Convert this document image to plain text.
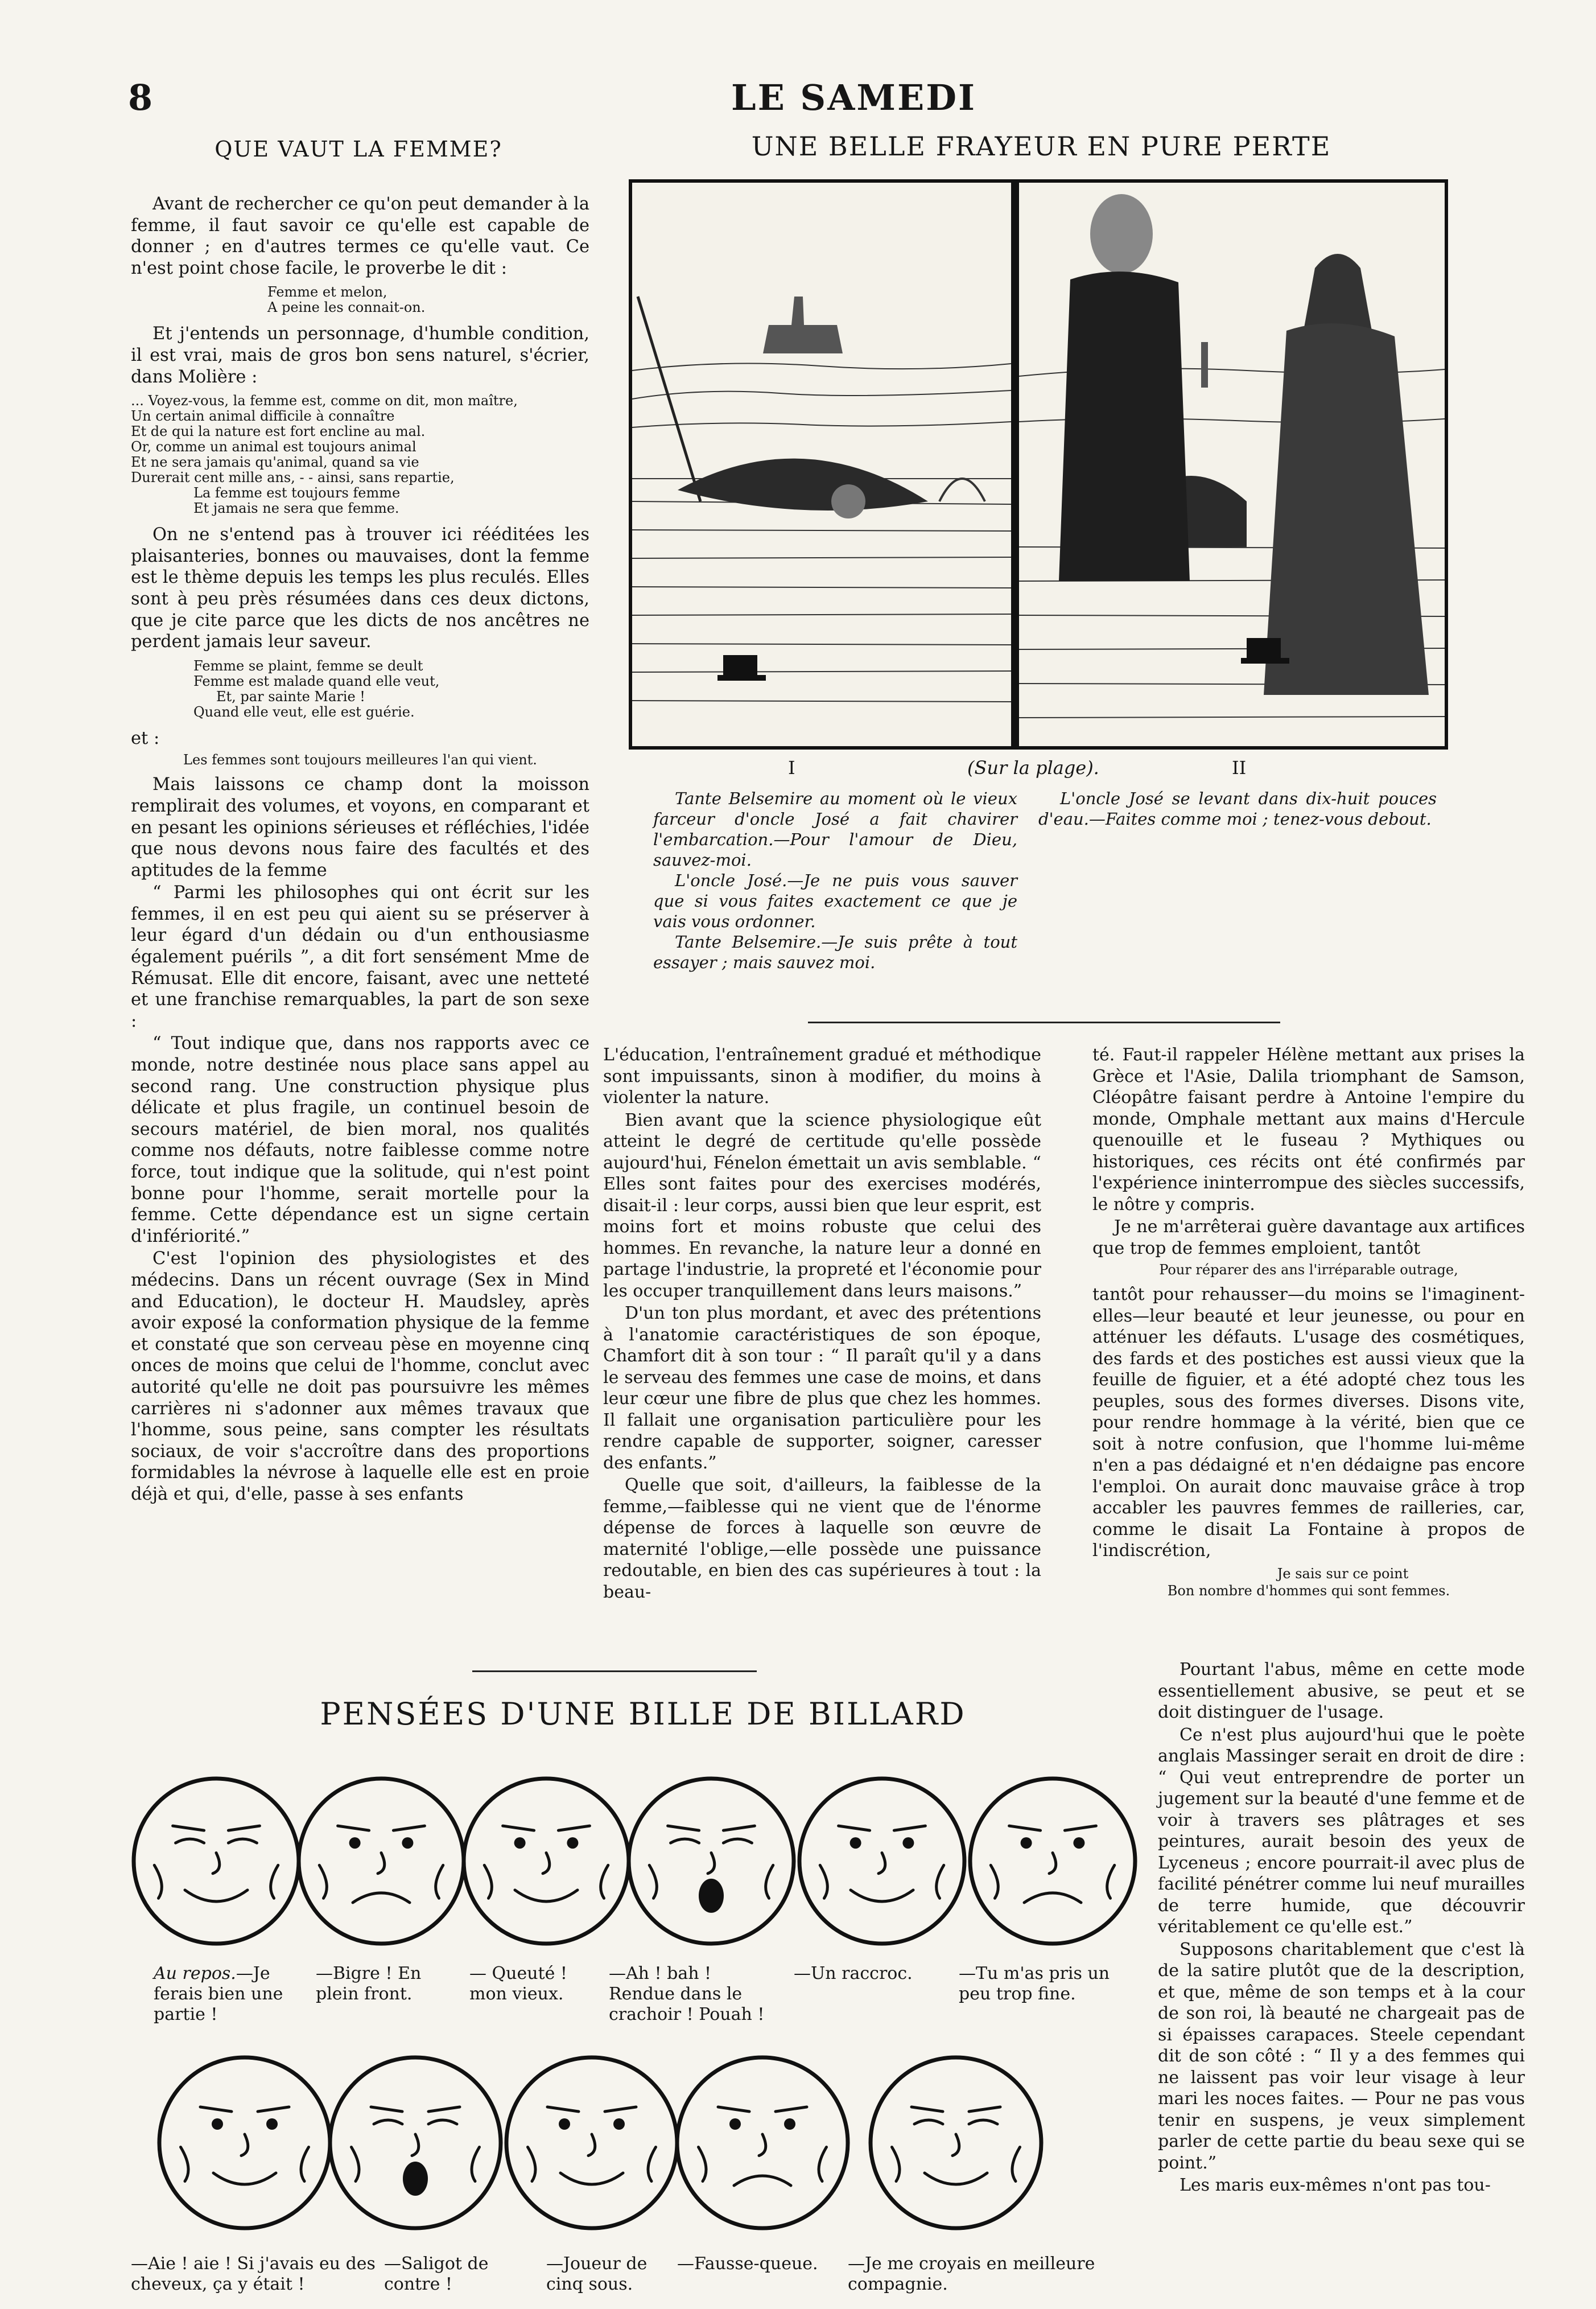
8	LE SAMEDI
QUE VAUT LA FEMME?

Avant de rechercher ce qu'on peut demander à la femme, il faut savoir ce qu'elle est capable de donner ; en d'autres termes ce qu'elle vaut. Ce n'est point chose facile, le proverbe le dit :

Femme et melon,
A peine les connait-on.

Et j'entends un personnage, d'humble condition, il est vrai, mais de gros bon sens naturel, s'écrier, dans Molière :

... Voyez-vous, la femme est, comme on dit, mon maître,
Un certain animal difficile à connaître
Et de qui la nature est fort encline au mal.
Or, comme un animal est toujours animal
Et ne sera jamais qu'animal, quand sa vie
Durerait cent mille ans, - - ainsi, sans repartie,
La femme est toujours femme
Et jamais ne sera que femme.

On ne s'entend pas à trouver ici rééditées les plaisanteries, bonnes ou mauvaises, dont la femme est le thème depuis les temps les plus reculés. Elles sont à peu près résumées dans ces deux dictons, que je cite parce que les dicts de nos ancêtres ne perdent jamais leur saveur.

Femme se plaint, femme se deult
Femme est malade quand elle veut,
Et, par sainte Marie !
Quand elle veut, elle est guérie.

et :

Les femmes sont toujours meilleures l'an qui vient.

Mais laissons ce champ dont la moisson remplirait des volumes, et voyons, en comparant et en pesant les opinions sérieuses et réfléchies, l'idée que nous devons nous faire des facultés et des aptitudes de la femme

“ Parmi les philosophes qui ont écrit sur les femmes, il en est peu qui aient su se préserver à leur égard d'un dédain ou d'un enthousiasme également puérils ”, a dit fort sensément Mme de Rémusat. Elle dit encore, faisant, avec une netteté et une franchise remarquables, la part de son sexe :

“ Tout indique que, dans nos rapports avec ce monde, notre destinée nous place sans appel au second rang. Une construction physique plus délicate et plus fragile, un continuel besoin de secours matériel, de bien moral, nos qualités comme nos défauts, notre faiblesse comme notre force, tout indique que la solitude, qui n'est point bonne pour l'homme, serait mortelle pour la femme. Cette dépendance est un signe certain d'infériorité.”

C'est l'opinion des physiologistes et des médecins. Dans un récent ouvrage (Sex in Mind and Education), le docteur H. Maudsley, après avoir exposé la conformation physique de la femme et constaté que son cerveau pèse en moyenne cinq onces de moins que celui de l'homme, conclut avec autorité qu'elle ne doit pas poursuivre les mêmes carrières ni s'adonner aux mêmes travaux que l'homme, sous peine, sans compter les résultats sociaux, de voir s'accroître dans des proportions formidables la névrose à laquelle elle est en proie déjà et qui, d'elle, passe à ses enfants

UNE BELLE FRAYEUR EN PURE PERTE
I	(Sur la plage).	II

Tante Belsemire au moment où le vieux farceur d'oncle José a fait chavirer l'embarcation.—Pour l'amour de Dieu, sauvez-moi.

L'oncle José.—Je ne puis vous sauver que si vous faites exactement ce que je vais vous ordonner.

Tante Belsemire.—Je suis prête à tout essayer ; mais sauvez moi.

L'oncle José se levant dans dix-huit pouces d'eau.—Faites comme moi ; tenez-vous debout.

L'éducation, l'entraînement gradué et méthodique sont impuissants, sinon à modifier, du moins à violenter la nature.

Bien avant que la science physiologique eût atteint le degré de certitude qu'elle possède aujourd'hui, Fénelon émettait un avis semblable. “ Elles sont faites pour des exercises modérés, disait-il : leur corps, aussi bien que leur esprit, est moins fort et moins robuste que celui des hommes. En revanche, la nature leur a donné en partage l'industrie, la propreté et l'économie pour les occuper tranquillement dans leurs maisons.”

D'un ton plus mordant, et avec des prétentions à l'anatomie caractéristiques de son époque, Chamfort dit à son tour : “ Il paraît qu'il y a dans le serveau des femmes une case de moins, et dans leur cœur une fibre de plus que chez les hommes. Il fallait une organisation particulière pour les rendre capable de supporter, soigner, caresser des enfants.”

Quelle que soit, d'ailleurs, la faiblesse de la femme,—faiblesse qui ne vient que de l'énorme dépense de forces à laquelle son œuvre de maternité l'oblige,—elle possède une puissance redoutable, en bien des cas supérieures à tout : la beau-

té. Faut-il rappeler Hélène mettant aux prises la Grèce et l'Asie, Dalila triomphant de Samson, Cléopâtre faisant perdre à Antoine l'empire du monde, Omphale mettant aux mains d'Hercule quenouille et le fuseau ? Mythiques ou historiques, ces récits ont été confirmés par l'expérience ininterrompue des siècles successifs, le nôtre y compris.

Je ne m'arrêterai guère davantage aux artifices que trop de femmes emploient, tantôt

Pour réparer des ans l'irréparable outrage,

tantôt pour rehausser—du moins se l'imaginent-elles—leur beauté et leur jeunesse, ou pour en atténuer les défauts. L'usage des cosmétiques, des fards et des postiches est aussi vieux que la feuille de figuier, et a été adopté chez tous les peuples, sous des formes diverses. Disons vite, pour rendre hommage à la vérité, bien que ce soit à notre confusion, que l'homme lui-même n'en a pas dédaigné et n'en dédaigne pas encore l'emploi. On aurait donc mauvaise grâce à trop accabler les pauvres femmes de railleries, car, comme le disait La Fontaine à propos de l'indiscrétion,

Je sais sur ce point
Bon nombre d'hommes qui sont femmes.

Pourtant l'abus, même en cette mode essentiellement abusive, se peut et se doit distinguer de l'usage.

Ce n'est plus aujourd'hui que le poète anglais Massinger serait en droit de dire : “ Qui veut entreprendre de porter un jugement sur la beauté d'une femme et de voir à travers ses plâtrages et ses peintures, aurait besoin des yeux de Lyceneus ; encore pourrait-il avec plus de facilité pénétrer comme lui neuf murailles de terre humide, que découvrir véritablement ce qu'elle est.”

Supposons charitablement que c'est là de la satire plutôt que de la description, et que, même de son temps et à la cour de son roi, là beauté ne chargeait pas de si épaisses carapaces. Steele cependant dit de son côté : “ Il y a des femmes qui ne laissent pas voir leur visage à leur mari les noces faites. — Pour ne pas vous tenir en suspens, je veux simplement parler de cette partie du beau sexe qui se point.”

Les maris eux-mêmes n'ont pas tou-

PENSÉES D'UNE BILLE DE BILLARD
Au repos.—Je ferais bien une partie !
—Bigre ! En plein front.
— Queuté ! mon vieux.
—Ah ! bah ! Rendue dans le crachoir ! Pouah !
—Un raccroc.	—Tu m'as pris un peu trop fine.
—Aie ! aie ! Si j'avais eu des cheveux, ça y était !
—Saligot de contre !
—Joueur de cinq sous.
—Fausse-queue.	—Je me croyais en meilleure compagnie.
